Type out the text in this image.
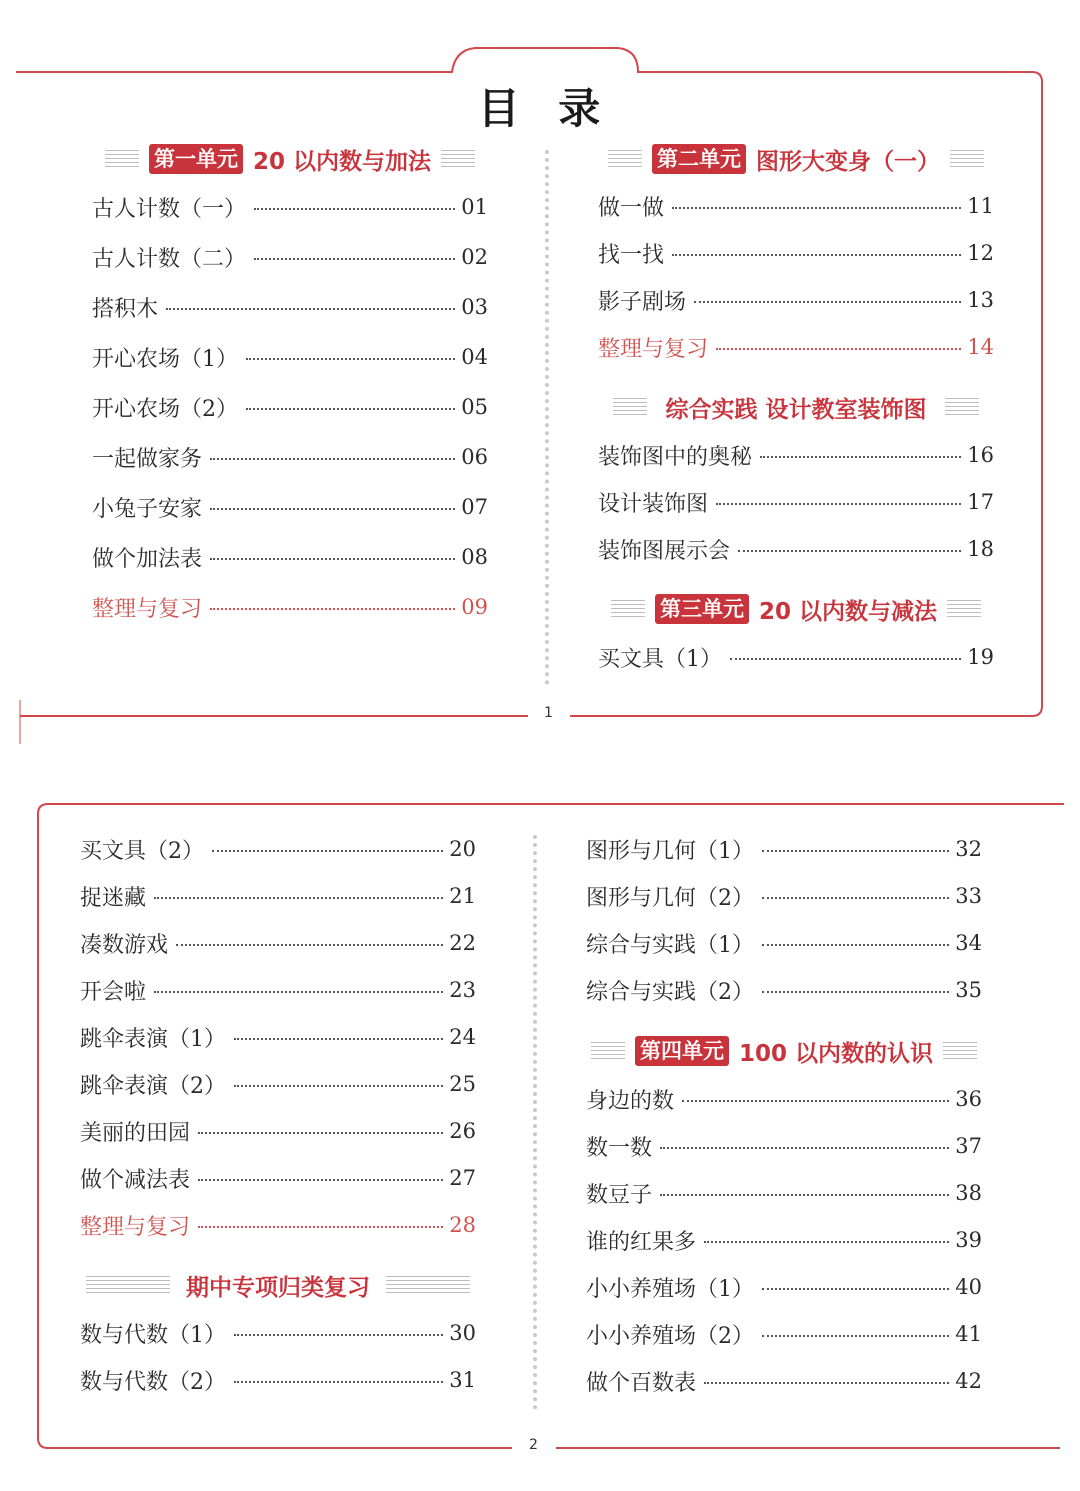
目 录
1
2
第一单元 20 以内数与加法
古人计数（一）	01
古人计数（二）	02
搭积木	03
开心农场（1）	04
开心农场（2）	05
一起做家务	06
小兔子安家	07
做个加法表	08
整理与复习	09
第二单元 图形大变身（一）
做一做	11
找一找	12
影子剧场	13
整理与复习	14
综合实践 设计教室装饰图
装饰图中的奥秘	16
设计装饰图	17
装饰图展示会	18
第三单元 20 以内数与减法
买文具（1）	19
买文具（2）	20
捉迷藏	21
凑数游戏	22
开会啦	23
跳伞表演（1）	24
跳伞表演（2）	25
美丽的田园	26
做个减法表	27
整理与复习	28
期中专项归类复习
数与代数（1）	30
数与代数（2）	31
图形与几何（1）	32
图形与几何（2）	33
综合与实践（1）	34
综合与实践（2）	35
第四单元 100 以内数的认识
身边的数	36
数一数	37
数豆子	38
谁的红果多	39
小小养殖场（1）	40
小小养殖场（2）	41
做个百数表	42
